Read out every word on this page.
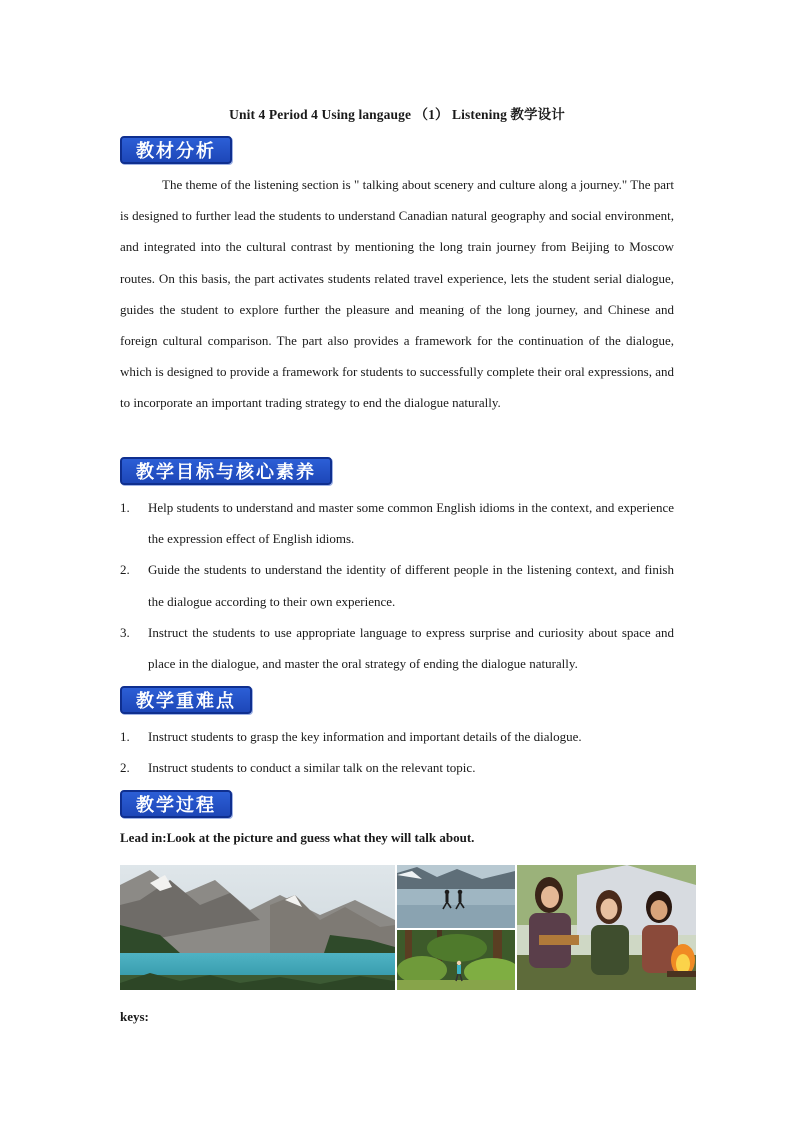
Unit 4 Period 4 Using langauge （1） Listening 教学设计
教材分析

The theme of the listening section is " talking about scenery and culture along a journey." The part is designed to further lead the students to understand Canadian natural geography and social environment, and integrated into the cultural contrast by mentioning the long train journey from Beijing to Moscow routes. On this basis, the part activates students related travel experience, lets the student serial dialogue, guides the student to explore further the pleasure and meaning of the long journey, and Chinese and foreign cultural comparison. The part also provides a framework for the continuation of the dialogue, which is designed to provide a framework for students to successfully complete their oral expressions, and to incorporate an important trading strategy to end the dialogue naturally.

教学目标与核心素养
1. Help students to understand and master some common English idioms in the context, and experience the expression effect of English idioms.
2. Guide the students to understand the identity of different people in the listening context, and finish the dialogue according to their own experience.
3. Instruct the students to use appropriate language to express surprise and curiosity about space and place in the dialogue, and master the oral strategy of ending the dialogue naturally.
教学重难点
1. Instruct students to grasp the key information and important details of the dialogue.
2. Instruct students to conduct a similar talk on the relevant topic.
教学过程
Lead in:Look at the picture and guess what they will talk about.
keys:
